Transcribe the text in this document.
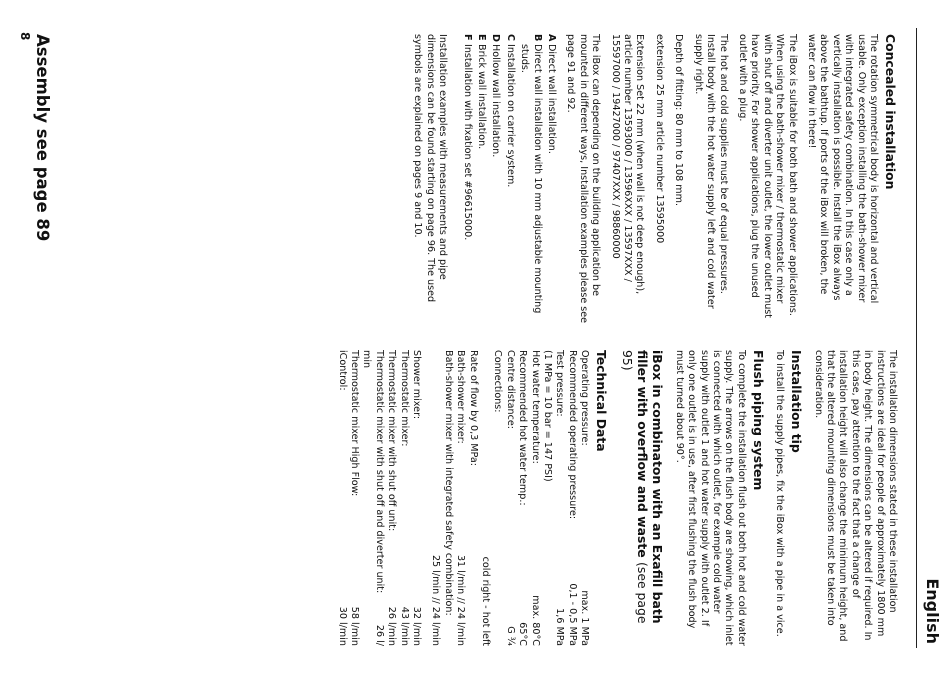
English
Concealed installation

The rotation symmetrical body is horizontal and vertical usable. Only exception installing the bath-shower mixer with integrated safety combination. In this case only a vertically installation is possible. Install the iBox always above the bathtup. If ports of the iBox will broken, the water can flow in there!

The iBox is suitable for both bath and shower applications. When using the bath-shower mixer / thermostatic mixer with shut off and diverter unit outlet, the lower outlet must have priority. For shower applications, plug the unused outlet with a plug.

The hot and cold supplies must be of equal pressures. Install body with the hot water supply left and cold water supply right.

Depth of fitting: 80 mm to 108 mm.

extension 25 mm article number 13595000

Extension Set 22 mm (when wall is not deep enough), article number 13593000 / 13596XXX / 13597XXX / 15597000 / 19427000 / 97407XXX / 98860000

The iBox can depending on the building application be mounted in different ways, Installation examples please see page 91 and 92.

A
Direct wall installation.
B
Direct wall installation with 10 mm adjustable mounting studs.
C
Installation on carrier system.
D
Hollow wall installation.
E
Brick wall installation.
F
Installation with fixation set #96615000.

Installation examples with measurements and pipe dimensions can be found starting on page 96. The used symbols are explained on pages 9 and 10.

The installation dimensions stated in these installation instructions are ideal for people of approximately 1800 mm in body height. The dimensions can be altered if required. In this case, pay attention to the fact that a change of installation height will also change the minimum height, and that the altered mounting dimensions must be taken into consideration.

Installation tip

To install the supply pipes, fix the iBox with a pipe in a vice.

Flush piping system

To complete the installation flush out both hot and cold water supply. The arrows on the flush body are showing, which inlet is connected with which outlet, for example cold water supply with outlet 1 and hot water supply with outlet 2. If only one outlet is in use, after first flushing the flush body must turned about 90°.

iBox in combinaton with an Exafill bath filler with overflow and waste (see page 95)
Technical Data
Operating pressure:
max. 1 MPa
Recommended operating pressure:
0,1 - 0,5 MPa
Test pressure:
1,6 MPa
(1 MPa = 10 bar = 147 PSI)
Hot water temperature:
max. 80°C
Recommended hot water temp.:
65°C
Centre distance:
G ¾
Connections:
cold right - hot left
Rate of flow by 0,3 MPa:
Bath-shower mixer:
31 l/min // 24 l/min
Bath-shower mixer with integrated safety combination:
25 l/min // 24 l/min
Shower mixer:
32 l/min
Thermostatic mixer:
43 l/min
Thermostatic mixer with shut off unit:
26 l/min
Thermostatic mixer with shut off and diverter unit:
26 l/
min
Thermostatic mixer High Flow:
58 l/min
iControl:
30 l/min
Assembly see page 89
8
